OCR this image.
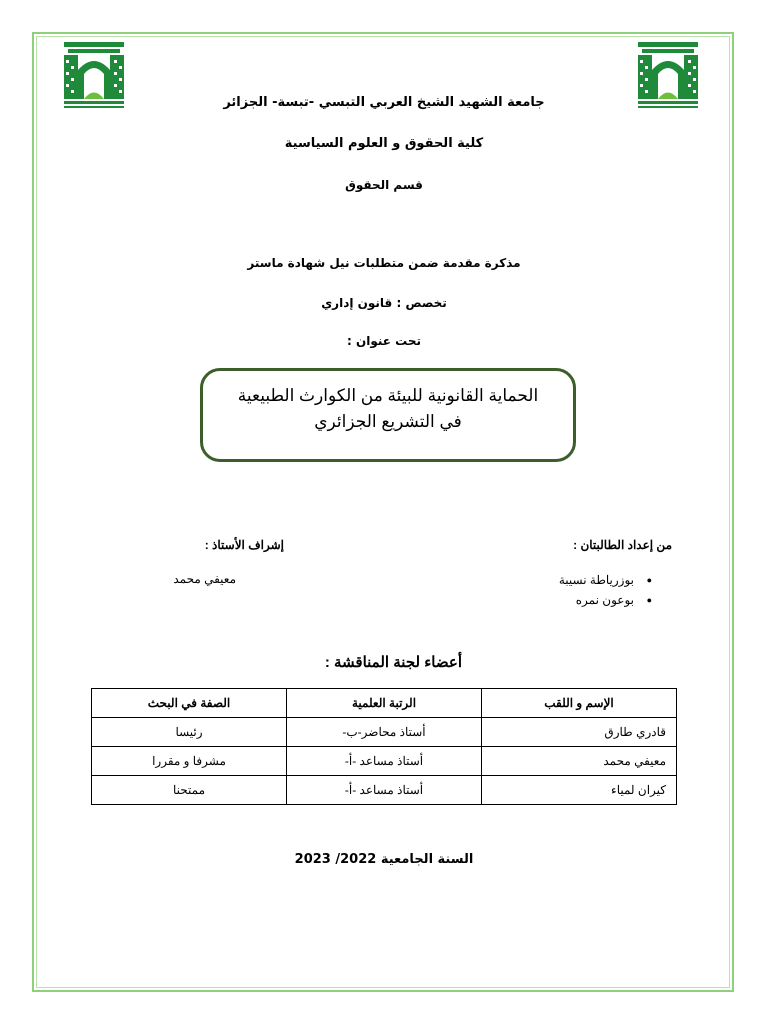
جامعة الشهيد الشيخ العربي التبسي -تبسة- الجزائر
كلية الحقوق و العلوم السياسية
قسم الحقوق
مذكرة مقدمة ضمن متطلبات نيل شهادة ماستر
تخصص : قانون إداري
تحت عنوان :
الحماية القانونية للبيئة من الكوارث الطبيعية
في التشريع الجزائري
من إعداد الطالبتان :
إشراف الأستاذ :
● بوزرياطة نسيبة
● بوعون نمره
معيفي محمد
أعضاء لجنة المناقشة :
الإسم و اللقب	الرتبة العلمية	الصفة في البحث
قادري طارق	أستاذ محاضر-ب-	رئيسا
معيفي محمد	أستاذ مساعد -أ-	مشرفا و مقررا
كيران لمياء	أستاذ مساعد -أ-	ممتحنا
السنة الجامعية 2022/ 2023
